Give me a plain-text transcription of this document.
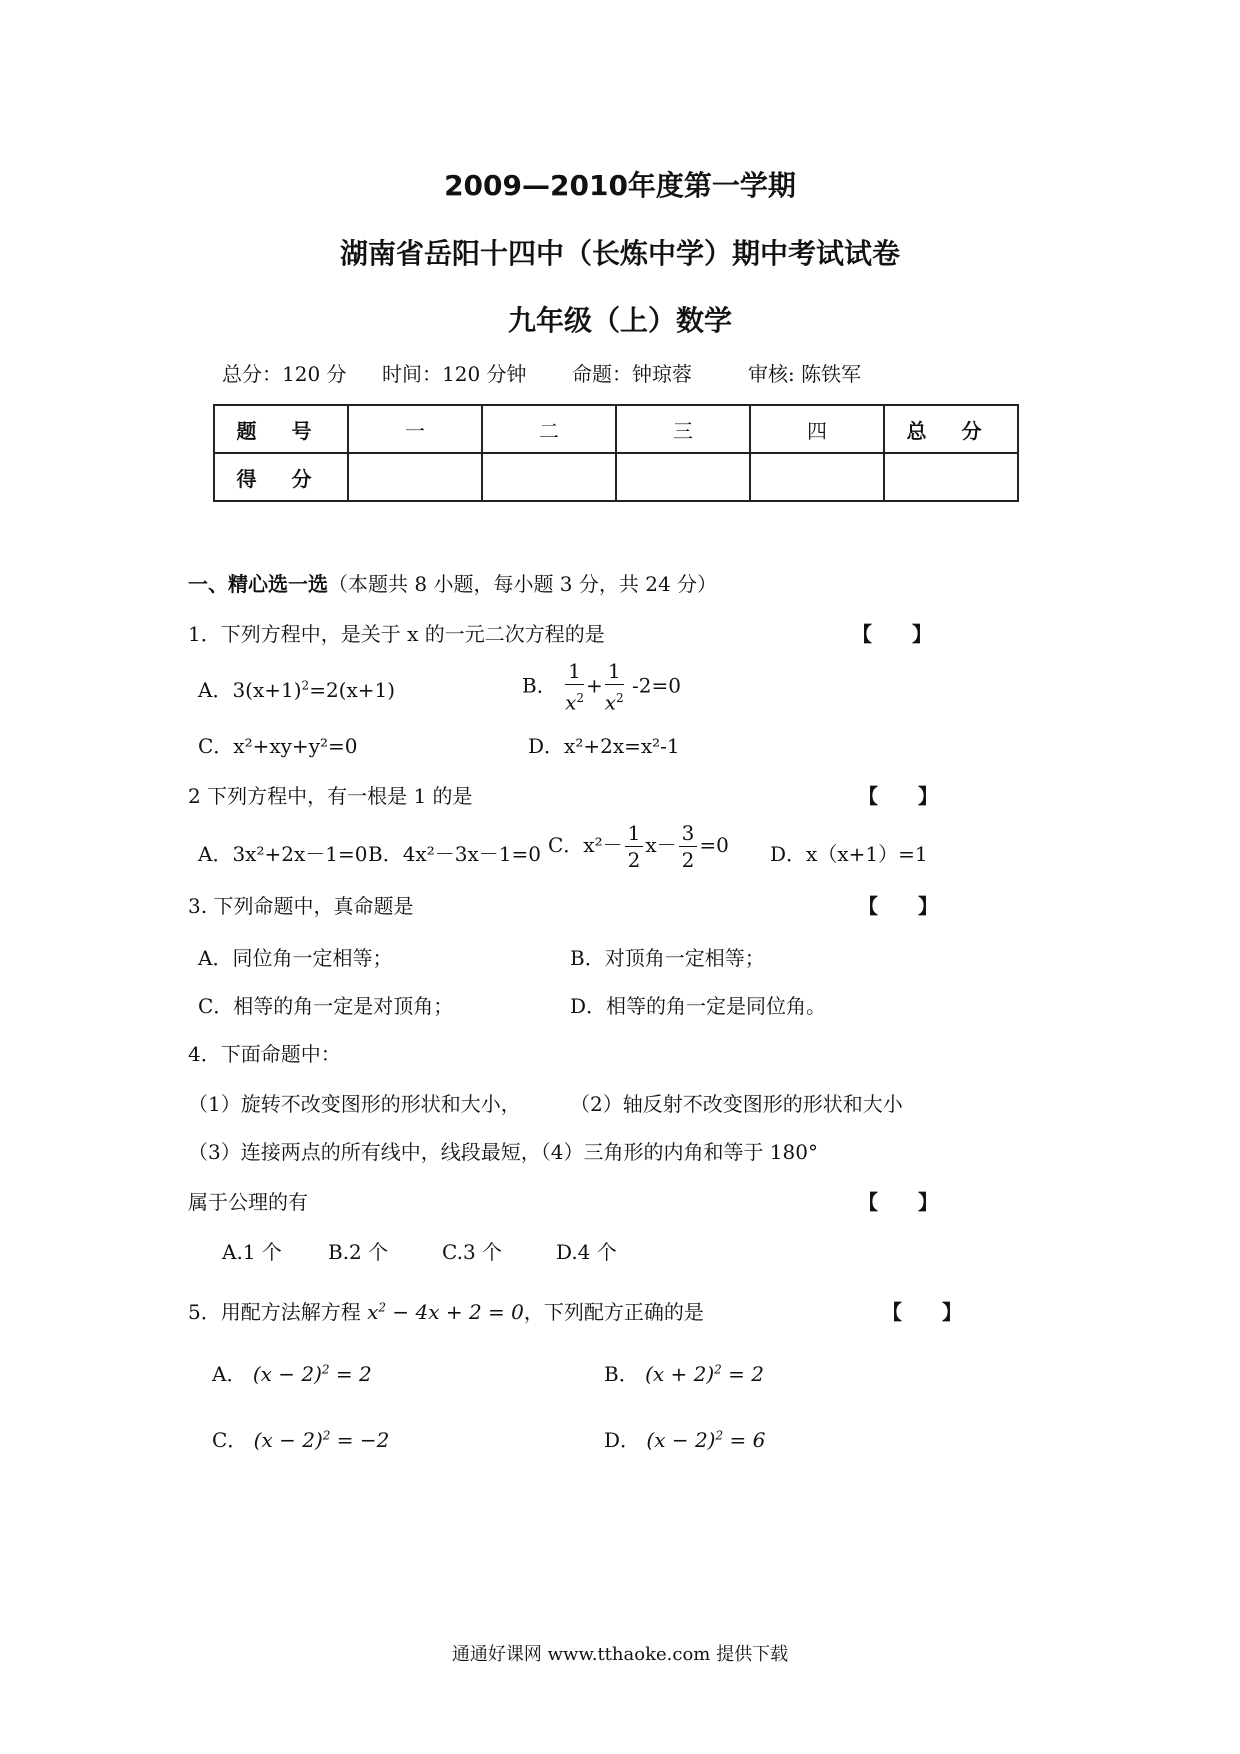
2009—2010年度第一学期
湖南省岳阳十四中（长炼中学）期中考试试卷
九年级（上）数学
总分：120 分 时间：120 分钟 命题：钟琼蓉	审核: 陈铁军
题 号	一	二	三	四	总 分
得 分					
一、精心选一选（本题共 8 小题，每小题 3 分，共 24 分）
1．下列方程中，是关于 x 的一元二次方程的是	【　　】
A．$3(x+1)^2=2(x+1)$	B． $\frac{1}{x^2} + \frac{1}{x^2} -2=0$
C．x²+xy+y²=0	D．x²+2x=x²-1
2 下列方程中，有一根是 1 的是	【　　】
A．3x²+2x－1=0 B．4x²－3x－1=0 C．$x^2- \frac{1}{2} x- \frac{3}{2} =0$ D．x（x+1）=1
3. 下列命题中，真命题是	【　　】
A．同位角一定相等；	B．对顶角一定相等；
C．相等的角一定是对顶角；	D．相等的角一定是同位角。
4．下面命题中：
（1）旋转不改变图形的形状和大小， （2）轴反射不改变图形的形状和大小
（3）连接两点的所有线中，线段最短，（4）三角形的内角和等于 180°
属于公理的有	【　　】
A.1 个 B.2 个	C.3 个	D.4 个
5．用配方法解方程 $x^2 - 4x + 2 = 0$，下列配方正确的是	【　　】
A． $(x - 2)^2 = 2$	B． $(x + 2)^2 = 2$
C． $(x - 2)^2 = -2$	D． $(x - 2)^2 = 6$
通通好课网 www.tthaoke.com 提供下载
